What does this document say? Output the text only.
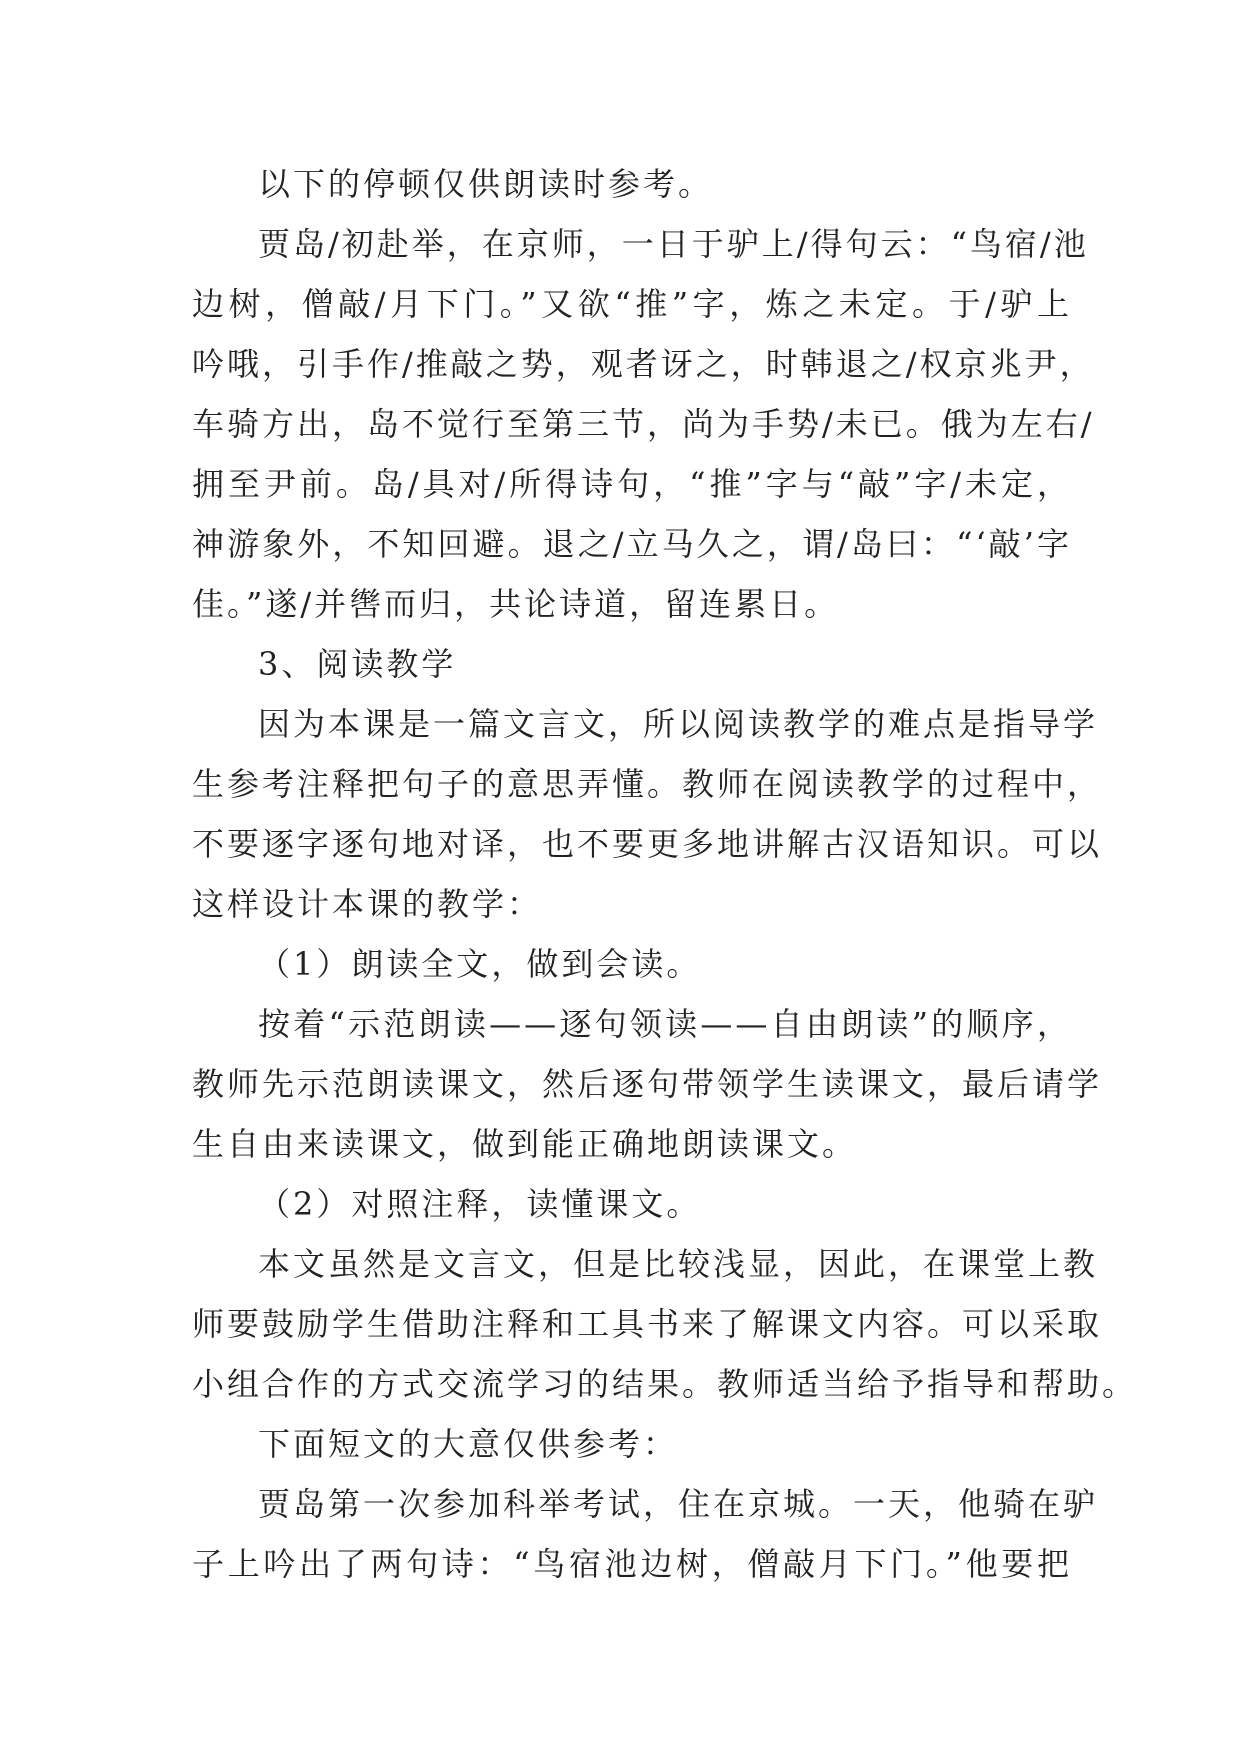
以下的停顿仅供朗读时参考。
贾岛/初赴举，在京师，一日于驴上/得句云：“鸟宿/池
边树，僧敲/月下门。”又欲“推”字，炼之未定。于/驴上
吟哦，引手作/推敲之势，观者讶之，时韩退之/权京兆尹，
车骑方出，岛不觉行至第三节，尚为手势/未已。俄为左右/
拥至尹前。岛/具对/所得诗句，“推”字与“敲”字/未定，
神游象外，不知回避。退之/立马久之，谓/岛曰：“‘敲’字
佳。”遂/并辔而归，共论诗道，留连累日。
3、阅读教学
因为本课是一篇文言文，所以阅读教学的难点是指导学
生参考注释把句子的意思弄懂。教师在阅读教学的过程中，
不要逐字逐句地对译，也不要更多地讲解古汉语知识。可以
这样设计本课的教学：
（1）朗读全文，做到会读。
按着“示范朗读——逐句领读——自由朗读”的顺序，
教师先示范朗读课文，然后逐句带领学生读课文，最后请学
生自由来读课文，做到能正确地朗读课文。
（2）对照注释，读懂课文。
本文虽然是文言文，但是比较浅显，因此，在课堂上教
师要鼓励学生借助注释和工具书来了解课文内容。可以采取
小组合作的方式交流学习的结果。教师适当给予指导和帮助。
下面短文的大意仅供参考：
贾岛第一次参加科举考试，住在京城。一天，他骑在驴
子上吟出了两句诗：“鸟宿池边树，僧敲月下门。”他要把
